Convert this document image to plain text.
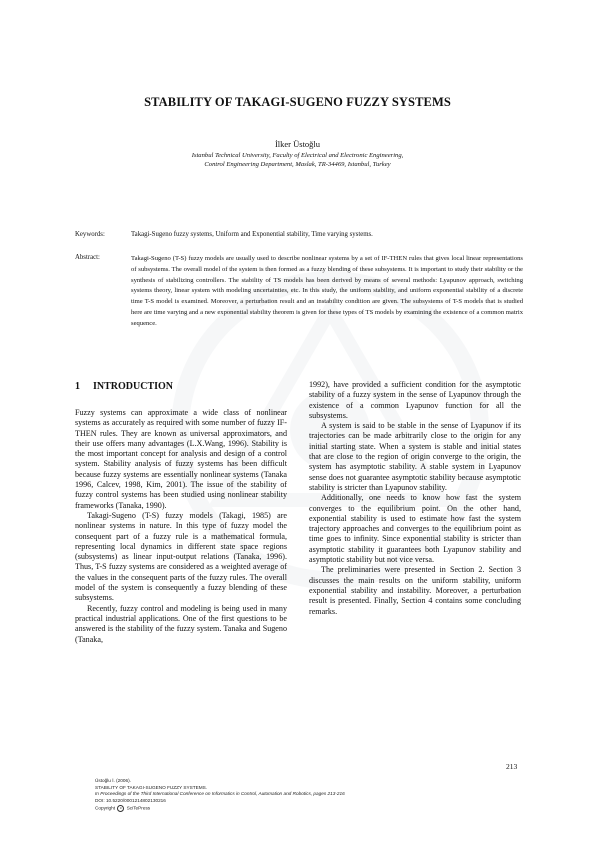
STABILITY OF TAKAGI-SUGENO FUZZY SYSTEMS
İlker Üstoğlu
Istanbul Technical University, Faculty of Electrical and Electronic Engineering,
Control Engineering Department, Maslak, TR-34469, Istanbul, Turkey
Keywords:	Takagi-Sugeno fuzzy systems, Uniform and Exponential stability, Time varying systems.
Abstract:	Takagi-Sugeno (T-S) fuzzy models are usually used to describe nonlinear systems by a set of IF-THEN rules that gives local linear representations of subsystems. The overall model of the system is then formed as a fuzzy blending of these subsystems. It is important to study their stability or the synthesis of stabilizing controllers. The stability of TS models has been derived by means of several methods: Lyapunov approach, switching systems theory, linear system with modeling uncertainties, etc. In this study, the uniform stability, and uniform exponential stability of a discrete time T-S model is examined. Moreover, a perturbation result and an instability condition are given. The subsystems of T-S models that is studied here are time varying and a new exponential stability theorem is given for these types of TS models by examining the existence of a common matrix sequence.
1 INTRODUCTION

Fuzzy systems can approximate a wide class of nonlinear systems as accurately as required with some number of fuzzy IF-THEN rules. They are known as universal approximators, and their use offers many advantages (L.X.Wang, 1996). Stability is the most important concept for analysis and design of a control system. Stability analysis of fuzzy systems has been difficult because fuzzy systems are essentially nonlinear systems (Tanaka 1996, Calcev, 1998, Kim, 2001). The issue of the stability of fuzzy control systems has been studied using nonlinear stability frameworks (Tanaka, 1990).

Takagi-Sugeno (T-S) fuzzy models (Takagi, 1985) are nonlinear systems in nature. In this type of fuzzy model the consequent part of a fuzzy rule is a mathematical formula, representing local dynamics in different state space regions (subsystems) as linear input-output relations (Tanaka, 1996). Thus, T-S fuzzy systems are considered as a weighted average of the values in the consequent parts of the fuzzy rules. The overall model of the system is consequently a fuzzy blending of these subsystems.

Recently, fuzzy control and modeling is being used in many practical industrial applications. One of the first questions to be answered is the stability of the fuzzy system. Tanaka and Sugeno (Tanaka,

1992), have provided a sufficient condition for the asymptotic stability of a fuzzy system in the sense of Lyapunov through the existence of a common Lyapunov function for all the subsystems.

A system is said to be stable in the sense of Lyapunov if its trajectories can be made arbitrarily close to the origin for any initial starting state. When a system is stable and initial states that are close to the region of origin converge to the origin, the system has asymptotic stability. A stable system in Lyapunov sense does not guarantee asymptotic stability because asymptotic stability is stricter than Lyapunov stability.

Additionally, one needs to know how fast the system converges to the equilibrium point. On the other hand, exponential stability is used to estimate how fast the system trajectory approaches and converges to the equilibrium point as time goes to infinity. Since exponential stability is stricter than asymptotic stability it guarantees both Lyapunov stability and asymptotic stability but not vice versa.

The preliminaries were presented in Section 2. Section 3 discusses the main results on the uniform stability, uniform exponential stability and instability. Moreover, a perturbation result is presented. Finally, Section 4 contains some concluding remarks.

213
Üstoğlu İ. (2006).
STABILITY OF TAKAGI-SUGENO FUZZY SYSTEMS.
In Proceedings of the Third International Conference on Informatics in Control, Automation and Robotics, pages 213-216
DOI: 10.5220/0001214802130216
Copyright c SciTePress
